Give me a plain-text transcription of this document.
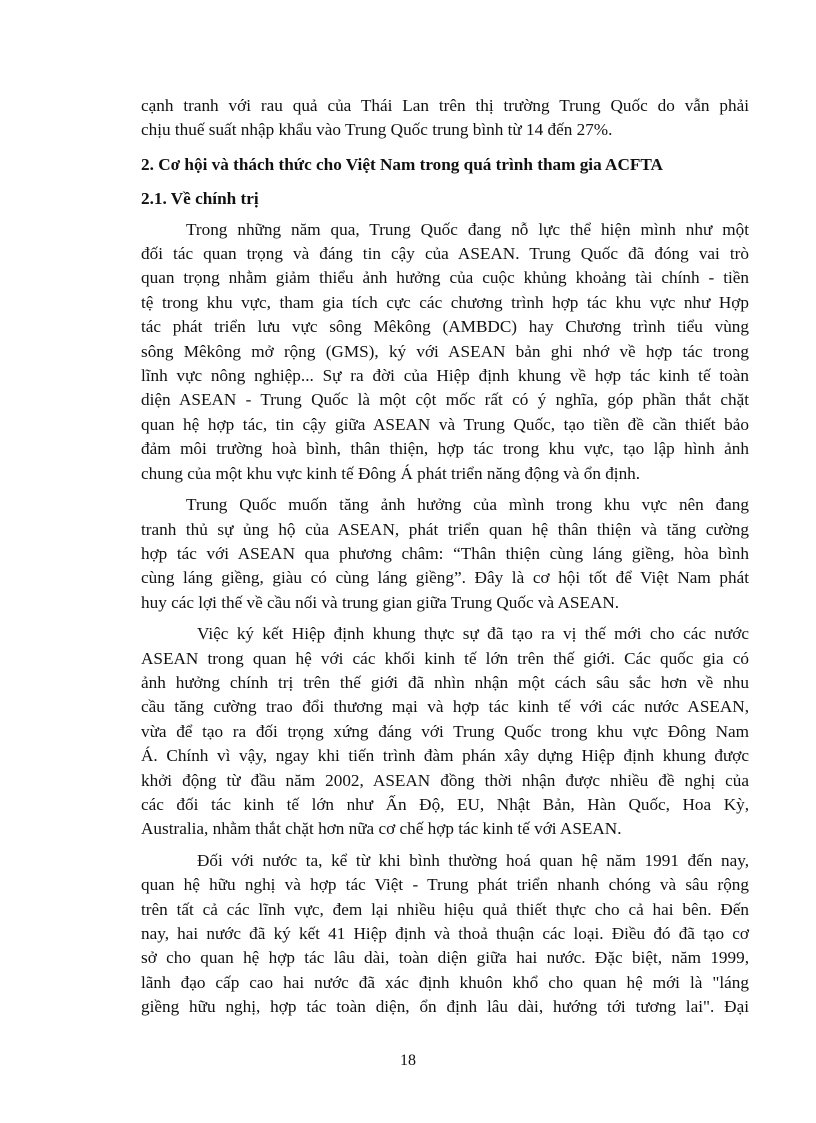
cạnh tranh với rau quả của Thái Lan trên thị trường Trung Quốc do vẫn phải
chịu thuế suất nhập khẩu vào Trung Quốc trung bình từ 14 đến 27%.
2. Cơ hội và thách thức cho Việt Nam trong quá trình tham gia ACFTA
2.1. Về chính trị
Trong những năm qua, Trung Quốc đang nỗ lực thể hiện mình như một
đối tác quan trọng và đáng tin cậy của ASEAN. Trung Quốc đã đóng vai trò
quan trọng nhằm giảm thiểu ảnh hưởng của cuộc khủng khoảng tài chính - tiền
tệ trong khu vực, tham gia tích cực các chương trình hợp tác khu vực như Hợp
tác phát triển lưu vực sông Mêkông (AMBDC) hay Chương trình tiểu vùng
sông Mêkông mở rộng (GMS), ký với ASEAN bản ghi nhớ về hợp tác trong
lĩnh vực nông nghiệp... Sự ra đời của Hiệp định khung về hợp tác kinh tế toàn
diện ASEAN - Trung Quốc là một cột mốc rất có ý nghĩa, góp phần thắt chặt
quan hệ hợp tác, tin cậy giữa ASEAN và Trung Quốc, tạo tiền đề cần thiết bảo
đảm môi trường hoà bình, thân thiện, hợp tác trong khu vực, tạo lập hình ảnh
chung của một khu vực kinh tế Đông Á phát triển năng động và ổn định.
Trung Quốc muốn tăng ảnh hưởng của mình trong khu vực nên đang
tranh thủ sự ủng hộ của ASEAN, phát triển quan hệ thân thiện và tăng cường
hợp tác với ASEAN qua phương châm: “Thân thiện cùng láng giềng, hòa bình
cùng láng giềng, giàu có cùng láng giềng”. Đây là cơ hội tốt để Việt Nam phát
huy các lợi thế về cầu nối và trung gian giữa Trung Quốc và ASEAN.
Việc ký kết Hiệp định khung thực sự đã tạo ra vị thế mới cho các nước
ASEAN trong quan hệ với các khối kinh tế lớn trên thế giới. Các quốc gia có
ảnh hưởng chính trị trên thế giới đã nhìn nhận một cách sâu sắc hơn về nhu
cầu tăng cường trao đổi thương mại và hợp tác kinh tế với các nước ASEAN,
vừa để tạo ra đối trọng xứng đáng với Trung Quốc trong khu vực Đông Nam
Á. Chính vì vậy, ngay khi tiến trình đàm phán xây dựng Hiệp định khung được
khởi động từ đầu năm 2002, ASEAN đồng thời nhận được nhiều đề nghị của
các đối tác kinh tế lớn như Ấn Độ, EU, Nhật Bản, Hàn Quốc, Hoa Kỳ,
Australia, nhằm thắt chặt hơn nữa cơ chế hợp tác kinh tế với ASEAN.
Đối với nước ta, kể từ khi bình thường hoá quan hệ năm 1991 đến nay,
quan hệ hữu nghị và hợp tác Việt - Trung phát triển nhanh chóng và sâu rộng
trên tất cả các lĩnh vực, đem lại nhiều hiệu quả thiết thực cho cả hai bên. Đến
nay, hai nước đã ký kết 41 Hiệp định và thoả thuận các loại. Điều đó đã tạo cơ
sở cho quan hệ hợp tác lâu dài, toàn diện giữa hai nước. Đặc biệt, năm 1999,
lãnh đạo cấp cao hai nước đã xác định khuôn khổ cho quan hệ mới là "láng
giềng hữu nghị, hợp tác toàn diện, ổn định lâu dài, hướng tới tương lai". Đại
18
